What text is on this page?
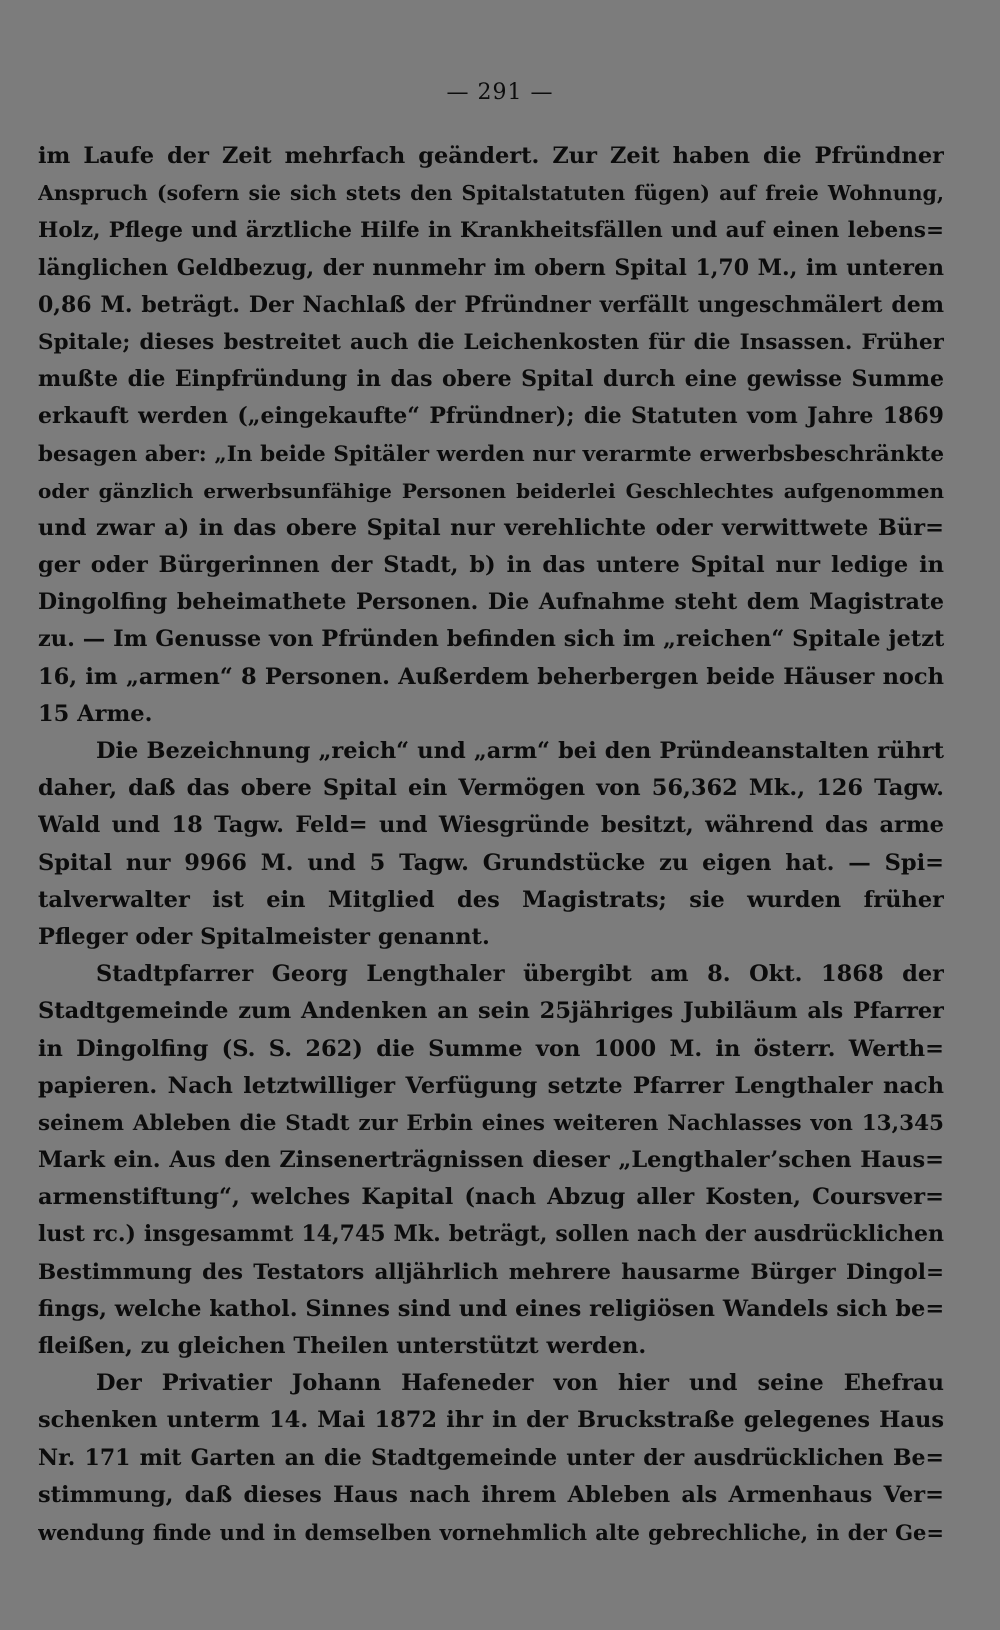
— 291 —
im Laufe der Zeit mehrfach geändert. Zur Zeit haben die Pfründner
Anspruch (sofern sie sich stets den Spitalstatuten fügen) auf freie Wohnung,
Holz, Pflege und ärztliche Hilfe in Krankheitsfällen und auf einen lebens=
länglichen Geldbezug, der nunmehr im obern Spital 1,70 M., im unteren
0,86 M. beträgt. Der Nachlaß der Pfründner verfällt ungeschmälert dem
Spitale; dieses bestreitet auch die Leichenkosten für die Insassen. Früher
mußte die Einpfründung in das obere Spital durch eine gewisse Summe
erkauft werden („eingekaufte“ Pfründner); die Statuten vom Jahre 1869
besagen aber: „In beide Spitäler werden nur verarmte erwerbsbeschränkte
oder gänzlich erwerbsunfähige Personen beiderlei Geschlechtes aufgenommen
und zwar a) in das obere Spital nur verehlichte oder verwittwete Bür=
ger oder Bürgerinnen der Stadt, b) in das untere Spital nur ledige in
Dingolfing beheimathete Personen. Die Aufnahme steht dem Magistrate
zu. — Im Genusse von Pfründen befinden sich im „reichen“ Spitale jetzt
16, im „armen“ 8 Personen. Außerdem beherbergen beide Häuser noch
15 Arme.
Die Bezeichnung „reich“ und „arm“ bei den Pründeanstalten rührt
daher, daß das obere Spital ein Vermögen von 56,362 Mk., 126 Tagw.
Wald und 18 Tagw. Feld= und Wiesgründe besitzt, während das arme
Spital nur 9966 M. und 5 Tagw. Grundstücke zu eigen hat. — Spi=
talverwalter ist ein Mitglied des Magistrats; sie wurden früher
Pfleger oder Spitalmeister genannt.
Stadtpfarrer Georg Lengthaler übergibt am 8. Okt. 1868 der
Stadtgemeinde zum Andenken an sein 25jähriges Jubiläum als Pfarrer
in Dingolfing (S. S. 262) die Summe von 1000 M. in österr. Werth=
papieren. Nach letztwilliger Verfügung setzte Pfarrer Lengthaler nach
seinem Ableben die Stadt zur Erbin eines weiteren Nachlasses von 13,345
Mark ein. Aus den Zinsenerträgnissen dieser „Lengthaler’schen Haus=
armenstiftung“, welches Kapital (nach Abzug aller Kosten, Coursver=
lust rc.) insgesammt 14,745 Mk. beträgt, sollen nach der ausdrücklichen
Bestimmung des Testators alljährlich mehrere hausarme Bürger Dingol=
fings, welche kathol. Sinnes sind und eines religiösen Wandels sich be=
fleißen, zu gleichen Theilen unterstützt werden.
Der Privatier Johann Hafeneder von hier und seine Ehefrau
schenken unterm 14. Mai 1872 ihr in der Bruckstraße gelegenes Haus
Nr. 171 mit Garten an die Stadtgemeinde unter der ausdrücklichen Be=
stimmung, daß dieses Haus nach ihrem Ableben als Armenhaus Ver=
wendung finde und in demselben vornehmlich alte gebrechliche, in der Ge=
